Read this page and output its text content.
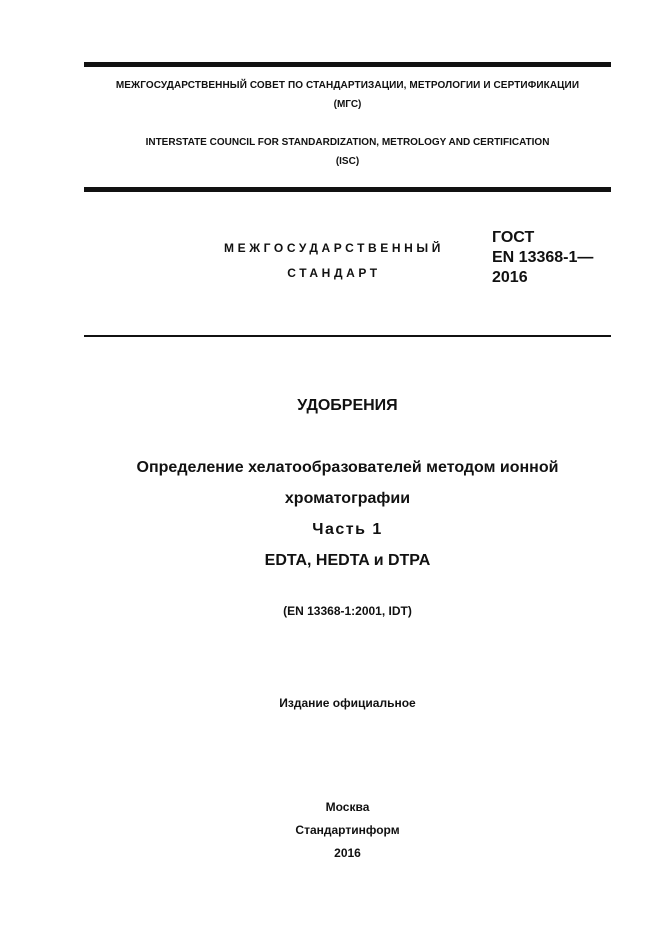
МЕЖГОСУДАРСТВЕННЫЙ СОВЕТ ПО СТАНДАРТИЗАЦИИ, МЕТРОЛОГИИ И СЕРТИФИКАЦИИ
(МГС)
INTERSTATE COUNCIL FOR STANDARDIZATION, METROLOGY AND CERTIFICATION
(ISC)
МЕЖГОСУДАРСТВЕННЫЙ
СТАНДАРТ
ГОСТ
EN 13368-1—
2016
УДОБРЕНИЯ
Определение хелатообразователей методом ионной
хроматографии
Часть 1
EDTA, HEDTA и DTPA
(EN 13368-1:2001, IDT)
Издание официальное
Москва
Стандартинформ
2016
